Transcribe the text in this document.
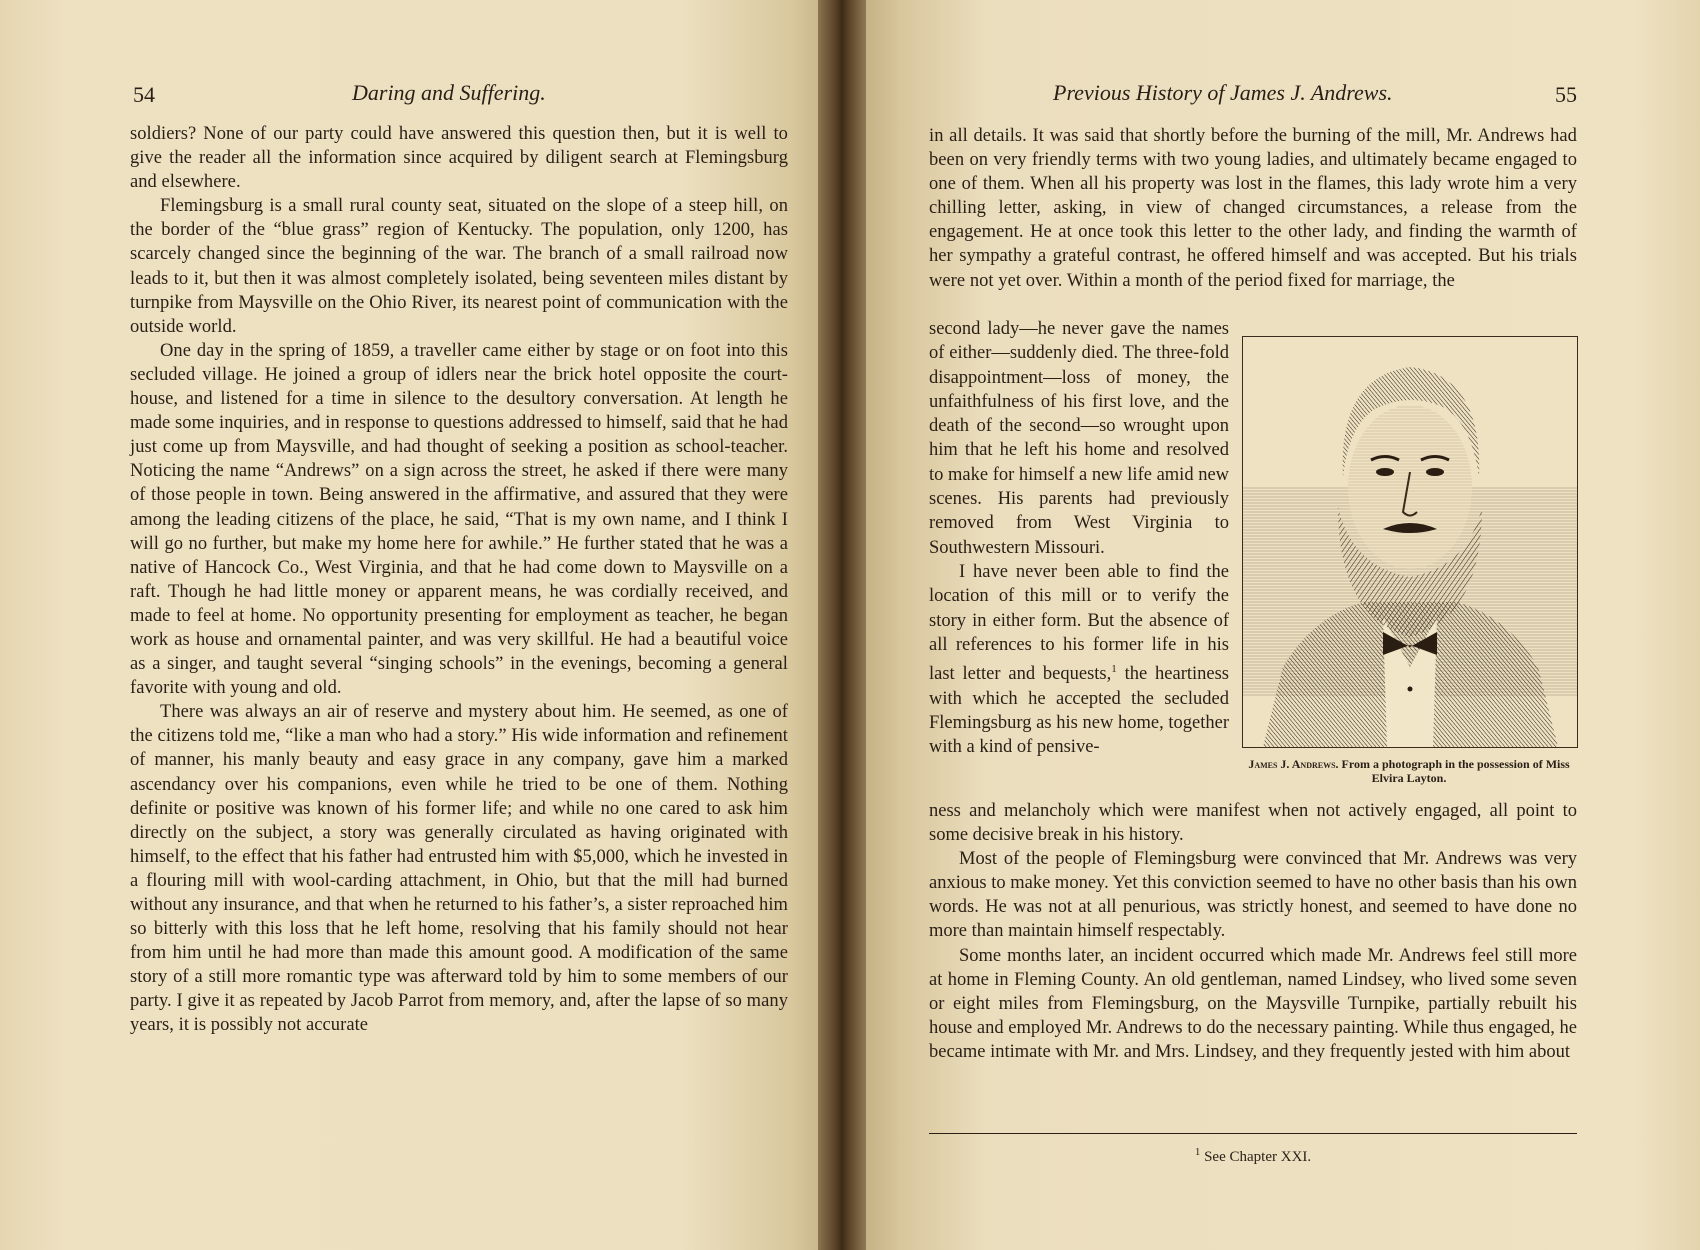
54	Daring and Suffering.

soldiers? None of our party could have answered this question then, but it is well to give the reader all the information since acquired by diligent search at Flemingsburg and elsewhere.

Flemingsburg is a small rural county seat, situated on the slope of a steep hill, on the border of the “blue grass” region of Kentucky. The population, only 1200, has scarcely changed since the beginning of the war. The branch of a small railroad now leads to it, but then it was almost completely isolated, being seventeen miles distant by turnpike from Maysville on the Ohio River, its nearest point of communication with the outside world.

One day in the spring of 1859, a traveller came either by stage or on foot into this secluded village. He joined a group of idlers near the brick hotel opposite the court-house, and listened for a time in silence to the desultory conversation. At length he made some inquiries, and in response to questions addressed to himself, said that he had just come up from Maysville, and had thought of seeking a position as school-teacher. Noticing the name “Andrews” on a sign across the street, he asked if there were many of those people in town. Being answered in the affirmative, and assured that they were among the leading citizens of the place, he said, “That is my own name, and I think I will go no further, but make my home here for awhile.” He further stated that he was a native of Hancock Co., West Virginia, and that he had come down to Maysville on a raft. Though he had little money or apparent means, he was cordially received, and made to feel at home. No opportunity presenting for employment as teacher, he began work as house and ornamental painter, and was very skillful. He had a beautiful voice as a singer, and taught several “singing schools” in the evenings, becoming a general favorite with young and old.

There was always an air of reserve and mystery about him. He seemed, as one of the citizens told me, “like a man who had a story.” His wide information and refinement of manner, his manly beauty and easy grace in any company, gave him a marked ascendancy over his companions, even while he tried to be one of them. Nothing definite or positive was known of his former life; and while no one cared to ask him directly on the subject, a story was generally circulated as having originated with himself, to the effect that his father had entrusted him with $5,000, which he invested in a flouring mill with wool-carding attachment, in Ohio, but that the mill had burned without any insurance, and that when he returned to his father’s, a sister reproached him so bitterly with this loss that he left home, resolving that his family should not hear from him until he had more than made this amount good. A modification of the same story of a still more romantic type was afterward told by him to some members of our party. I give it as repeated by Jacob Parrot from memory, and, after the lapse of so many years, it is possibly not accurate

Previous History of James J. Andrews.	55

in all details. It was said that shortly before the burning of the mill, Mr. Andrews had been on very friendly terms with two young ladies, and ultimately became engaged to one of them. When all his property was lost in the flames, this lady wrote him a very chilling letter, asking, in view of changed circumstances, a release from the engagement. He at once took this letter to the other lady, and finding the warmth of her sympathy a grateful contrast, he offered himself and was accepted. But his trials were not yet over. Within a month of the period fixed for marriage, the

second lady—he never gave the names of either—suddenly died. The three-fold disappointment—loss of money, the unfaithfulness of his first love, and the death of the second—so wrought upon him that he left his home and resolved to make for himself a new life amid new scenes. His parents had previously removed from West Virginia to Southwestern Missouri.

I have never been able to find the location of this mill or to verify the story in either form. But the absence of all references to his former life in his last letter and bequests,$^1$ the heartiness with which he accepted the secluded Flemingsburg as his new home, together with a kind of pensive-

James J. Andrews. From a photograph in the possession of Miss Elvira Layton.

ness and melancholy which were manifest when not actively engaged, all point to some decisive break in his history.

Most of the people of Flemingsburg were convinced that Mr. Andrews was very anxious to make money. Yet this conviction seemed to have no other basis than his own words. He was not at all penurious, was strictly honest, and seemed to have done no more than maintain himself respectably.

Some months later, an incident occurred which made Mr. Andrews feel still more at home in Fleming County. An old gentleman, named Lindsey, who lived some seven or eight miles from Flemingsburg, on the Maysville Turnpike, partially rebuilt his house and employed Mr. Andrews to do the necessary painting. While thus engaged, he became intimate with Mr. and Mrs. Lindsey, and they frequently jested with him about

$^1$ See Chapter XXI.
